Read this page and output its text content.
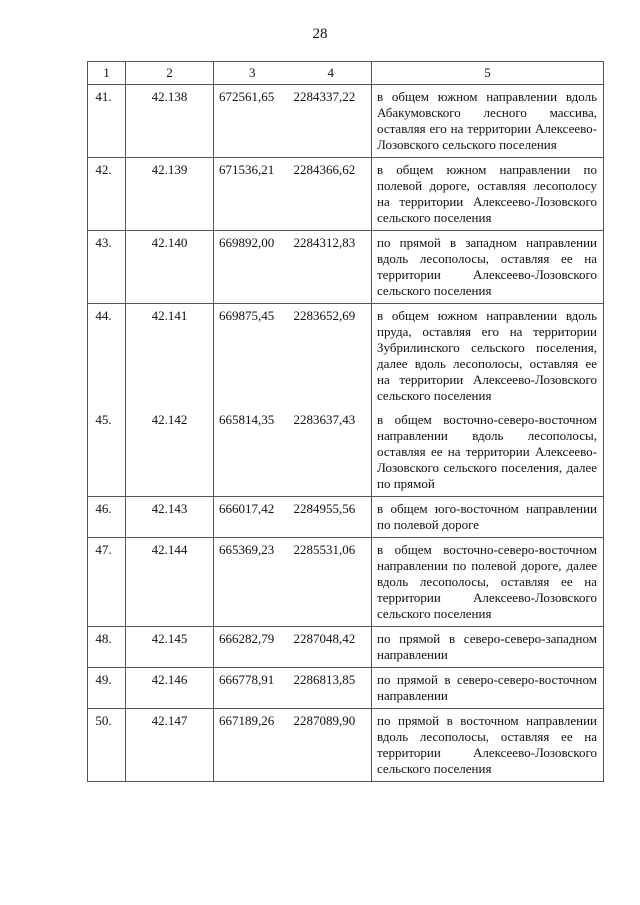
28
1	2	3	4	5
41.	42.138	672561,65	2284337,22	в общем южном направлении вдоль Абакумовского лесного массива, оставляя его на территории Алексеево-Лозовского сельского поселения
42.	42.139	671536,21	2284366,62	в общем южном направлении по полевой дороге, оставляя лесополосу на территории Алексеево-Лозовского сельского поселения
43.	42.140	669892,00	2284312,83	по прямой в западном направлении вдоль лесополосы, оставляя ее на территории Алексеево-Лозовского сельского поселения
44.	42.141	669875,45	2283652,69	в общем южном направлении вдоль пруда, оставляя его на территории Зубрилинского сельского поселения, далее вдоль лесополосы, оставляя ее на территории Алексеево-Лозовского сельского поселения
45.	42.142	665814,35	2283637,43	в общем восточно-северо-восточном направлении вдоль лесополосы, оставляя ее на территории Алексеево-Лозовского сельского поселения, далее по прямой
46.	42.143	666017,42	2284955,56	в общем юго-восточном направлении по полевой дороге
47.	42.144	665369,23	2285531,06	в общем восточно-северо-восточном направлении по полевой дороге, далее вдоль лесополосы, оставляя ее на территории Алексеево-Лозовского сельского поселения
48.	42.145	666282,79	2287048,42	по прямой в северо-северо-западном направлении
49.	42.146	666778,91	2286813,85	по прямой в северо-северо-восточном направлении
50.	42.147	667189,26	2287089,90	по прямой в восточном направлении вдоль лесополосы, оставляя ее на территории Алексеево-Лозовского сельского поселения
